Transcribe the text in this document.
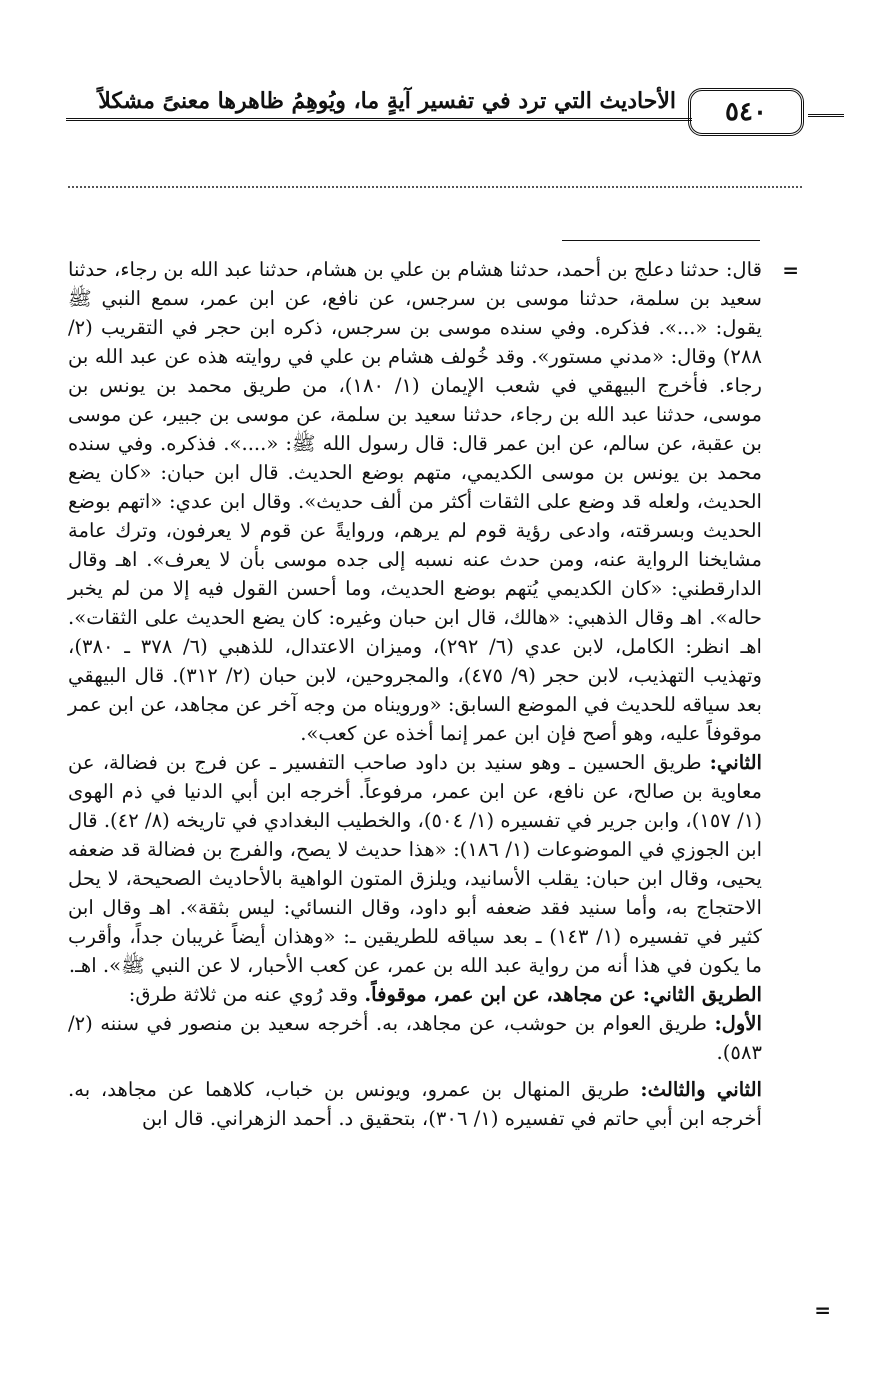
٥٤٠
الأحاديث التي ترد في تفسير آيةٍ ما، ويُوهِمُ ظاهرها معنىً مشكلاً
=
=

قال: حدثنا دعلج بن أحمد، حدثنا هشام بن علي بن هشام، حدثنا عبد الله بن رجاء، حدثنا سعيد بن سلمة، حدثنا موسى بن سرجس، عن نافع، عن ابن عمر، سمع النبي ﷺ يقول: «...». فذكره. وفي سنده موسى بن سرجس، ذكره ابن حجر في التقريب (٢/ ٢٨٨) وقال: «مدني مستور». وقد خُولف هشام بن علي في روايته هذه عن عبد الله بن رجاء. فأخرج البيهقي في شعب الإيمان (١/ ١٨٠)، من طريق محمد بن يونس بن موسى، حدثنا عبد الله بن رجاء، حدثنا سعيد بن سلمة، عن موسى بن جبير، عن موسى بن عقبة، عن سالم، عن ابن عمر قال: قال رسول الله ﷺ: «....». فذكره. وفي سنده محمد بن يونس بن موسى الكديمي، متهم بوضع الحديث. قال ابن حبان: «كان يضع الحديث، ولعله قد وضع على الثقات أكثر من ألف حديث». وقال ابن عدي: «اتهم بوضع الحديث وبسرقته، وادعى رؤية قوم لم يرهم، وروايةً عن قوم لا يعرفون، وترك عامة مشايخنا الرواية عنه، ومن حدث عنه نسبه إلى جده موسى بأن لا يعرف». اهـ وقال الدارقطني: «كان الكديمي يُتهم بوضع الحديث، وما أحسن القول فيه إلا من لم يخبر حاله». اهـ وقال الذهبي: «هالك، قال ابن حبان وغيره: كان يضع الحديث على الثقات». اهـ انظر: الكامل، لابن عدي (٦/ ٢٩٢)، وميزان الاعتدال، للذهبي (٦/ ٣٧٨ ـ ٣٨٠)، وتهذيب التهذيب، لابن حجر (٩/ ٤٧٥)، والمجروحين، لابن حبان (٢/ ٣١٢). قال البيهقي بعد سياقه للحديث في الموضع السابق: «ورويناه من وجه آخر عن مجاهد، عن ابن عمر موقوفاً عليه، وهو أصح فإن ابن عمر إنما أخذه عن كعب».

الثاني: طريق الحسين ـ وهو سنيد بن داود صاحب التفسير ـ عن فرج بن فضالة، عن معاوية بن صالح، عن نافع، عن ابن عمر، مرفوعاً. أخرجه ابن أبي الدنيا في ذم الهوى (١/ ١٥٧)، وابن جرير في تفسيره (١/ ٥٠٤)، والخطيب البغدادي في تاريخه (٨/ ٤٢). قال ابن الجوزي في الموضوعات (١/ ١٨٦): «هذا حديث لا يصح، والفرج بن فضالة قد ضعفه يحيى، وقال ابن حبان: يقلب الأسانيد، ويلزق المتون الواهية بالأحاديث الصحيحة، لا يحل الاحتجاج به، وأما سنيد فقد ضعفه أبو داود، وقال النسائي: ليس بثقة». اهـ وقال ابن كثير في تفسيره (١/ ١٤٣) ـ بعد سياقه للطريقين ـ: «وهذان أيضاً غريبان جداً، وأقرب ما يكون في هذا أنه من رواية عبد الله بن عمر، عن كعب الأحبار، لا عن النبي ﷺ». اهـ.

الطريق الثاني: عن مجاهد، عن ابن عمر، موقوفاً. وقد رُوي عنه من ثلاثة طرق:

الأول: طريق العوام بن حوشب، عن مجاهد، به. أخرجه سعيد بن منصور في سننه (٢/ ٥٨٣).

الثاني والثالث: طريق المنهال بن عمرو، ويونس بن خباب، كلاهما عن مجاهد، به. أخرجه ابن أبي حاتم في تفسيره (١/ ٣٠٦)، بتحقيق د. أحمد الزهراني. قال ابن
